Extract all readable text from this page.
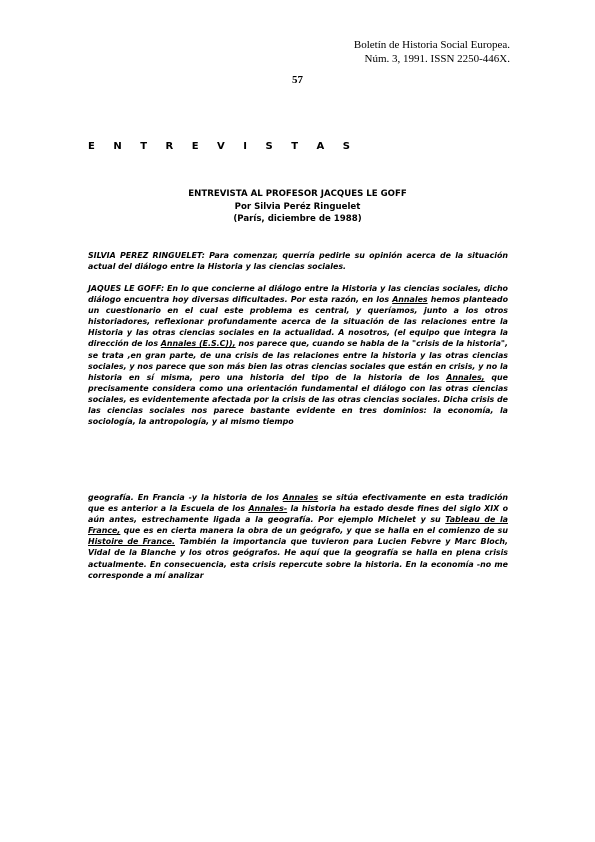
Boletín de Historia Social Europea.
Núm. 3, 1991. ISSN 2250-446X.
57
E N T R E V I S T A S
ENTREVISTA AL PROFESOR JACQUES LE GOFF
Por Silvia Peréz Ringuelet
(París, diciembre de 1988)
SILVIA PEREZ RINGUELET: Para comenzar, querría pedirle su opinión acerca de la situación actual del diálogo entre la Historia y las ciencias sociales.
JAQUES LE GOFF: En lo que concierne al diálogo entre la Historia y las ciencias sociales, dicho diálogo encuentra hoy diversas dificultades. Por esta razón, en los Annales hemos planteado un cuestionario en el cual este problema es central, y queríamos, junto a los otros historiadores, reflexionar profundamente acerca de la situación de las relaciones entre la Historia y las otras ciencias sociales en la actualidad. A nosotros, (el equipo que integra la dirección de los Annales (E.S.C)), nos parece que, cuando se habla de la "crisis de la historia", se trata ,en gran parte, de una crisis de las relaciones entre la historia y las otras ciencias sociales, y nos parece que son más bien las otras ciencias sociales que están en crisis, y no la historia en sí misma, pero una historia del tipo de la historia de los Annales, que precisamente considera como una orientación fundamental el diálogo con las otras ciencias sociales, es evidentemente afectada por la crisis de las otras ciencias sociales. Dicha crisis de las ciencias sociales nos parece bastante evidente en tres dominios: la economía, la sociología, la antropología, y al mismo tiempo
geografía. En Francia -y la historia de los Annales se sitúa efectivamente en esta tradición que es anterior a la Escuela de los Annales- la historia ha estado desde fines del siglo XIX o aún antes, estrechamente ligada a la geografía. Por ejemplo Michelet y su Tableau de la France, que es en cierta manera la obra de un geógrafo, y que se halla en el comienzo de su Histoire de France. También la importancia que tuvieron para Lucien Febvre y Marc Bloch, Vidal de la Blanche y los otros geógrafos. He aquí que la geografía se halla en plena crisis actualmente. En consecuencia, esta crisis repercute sobre la historia. En la economía -no me corresponde a mí analizar
